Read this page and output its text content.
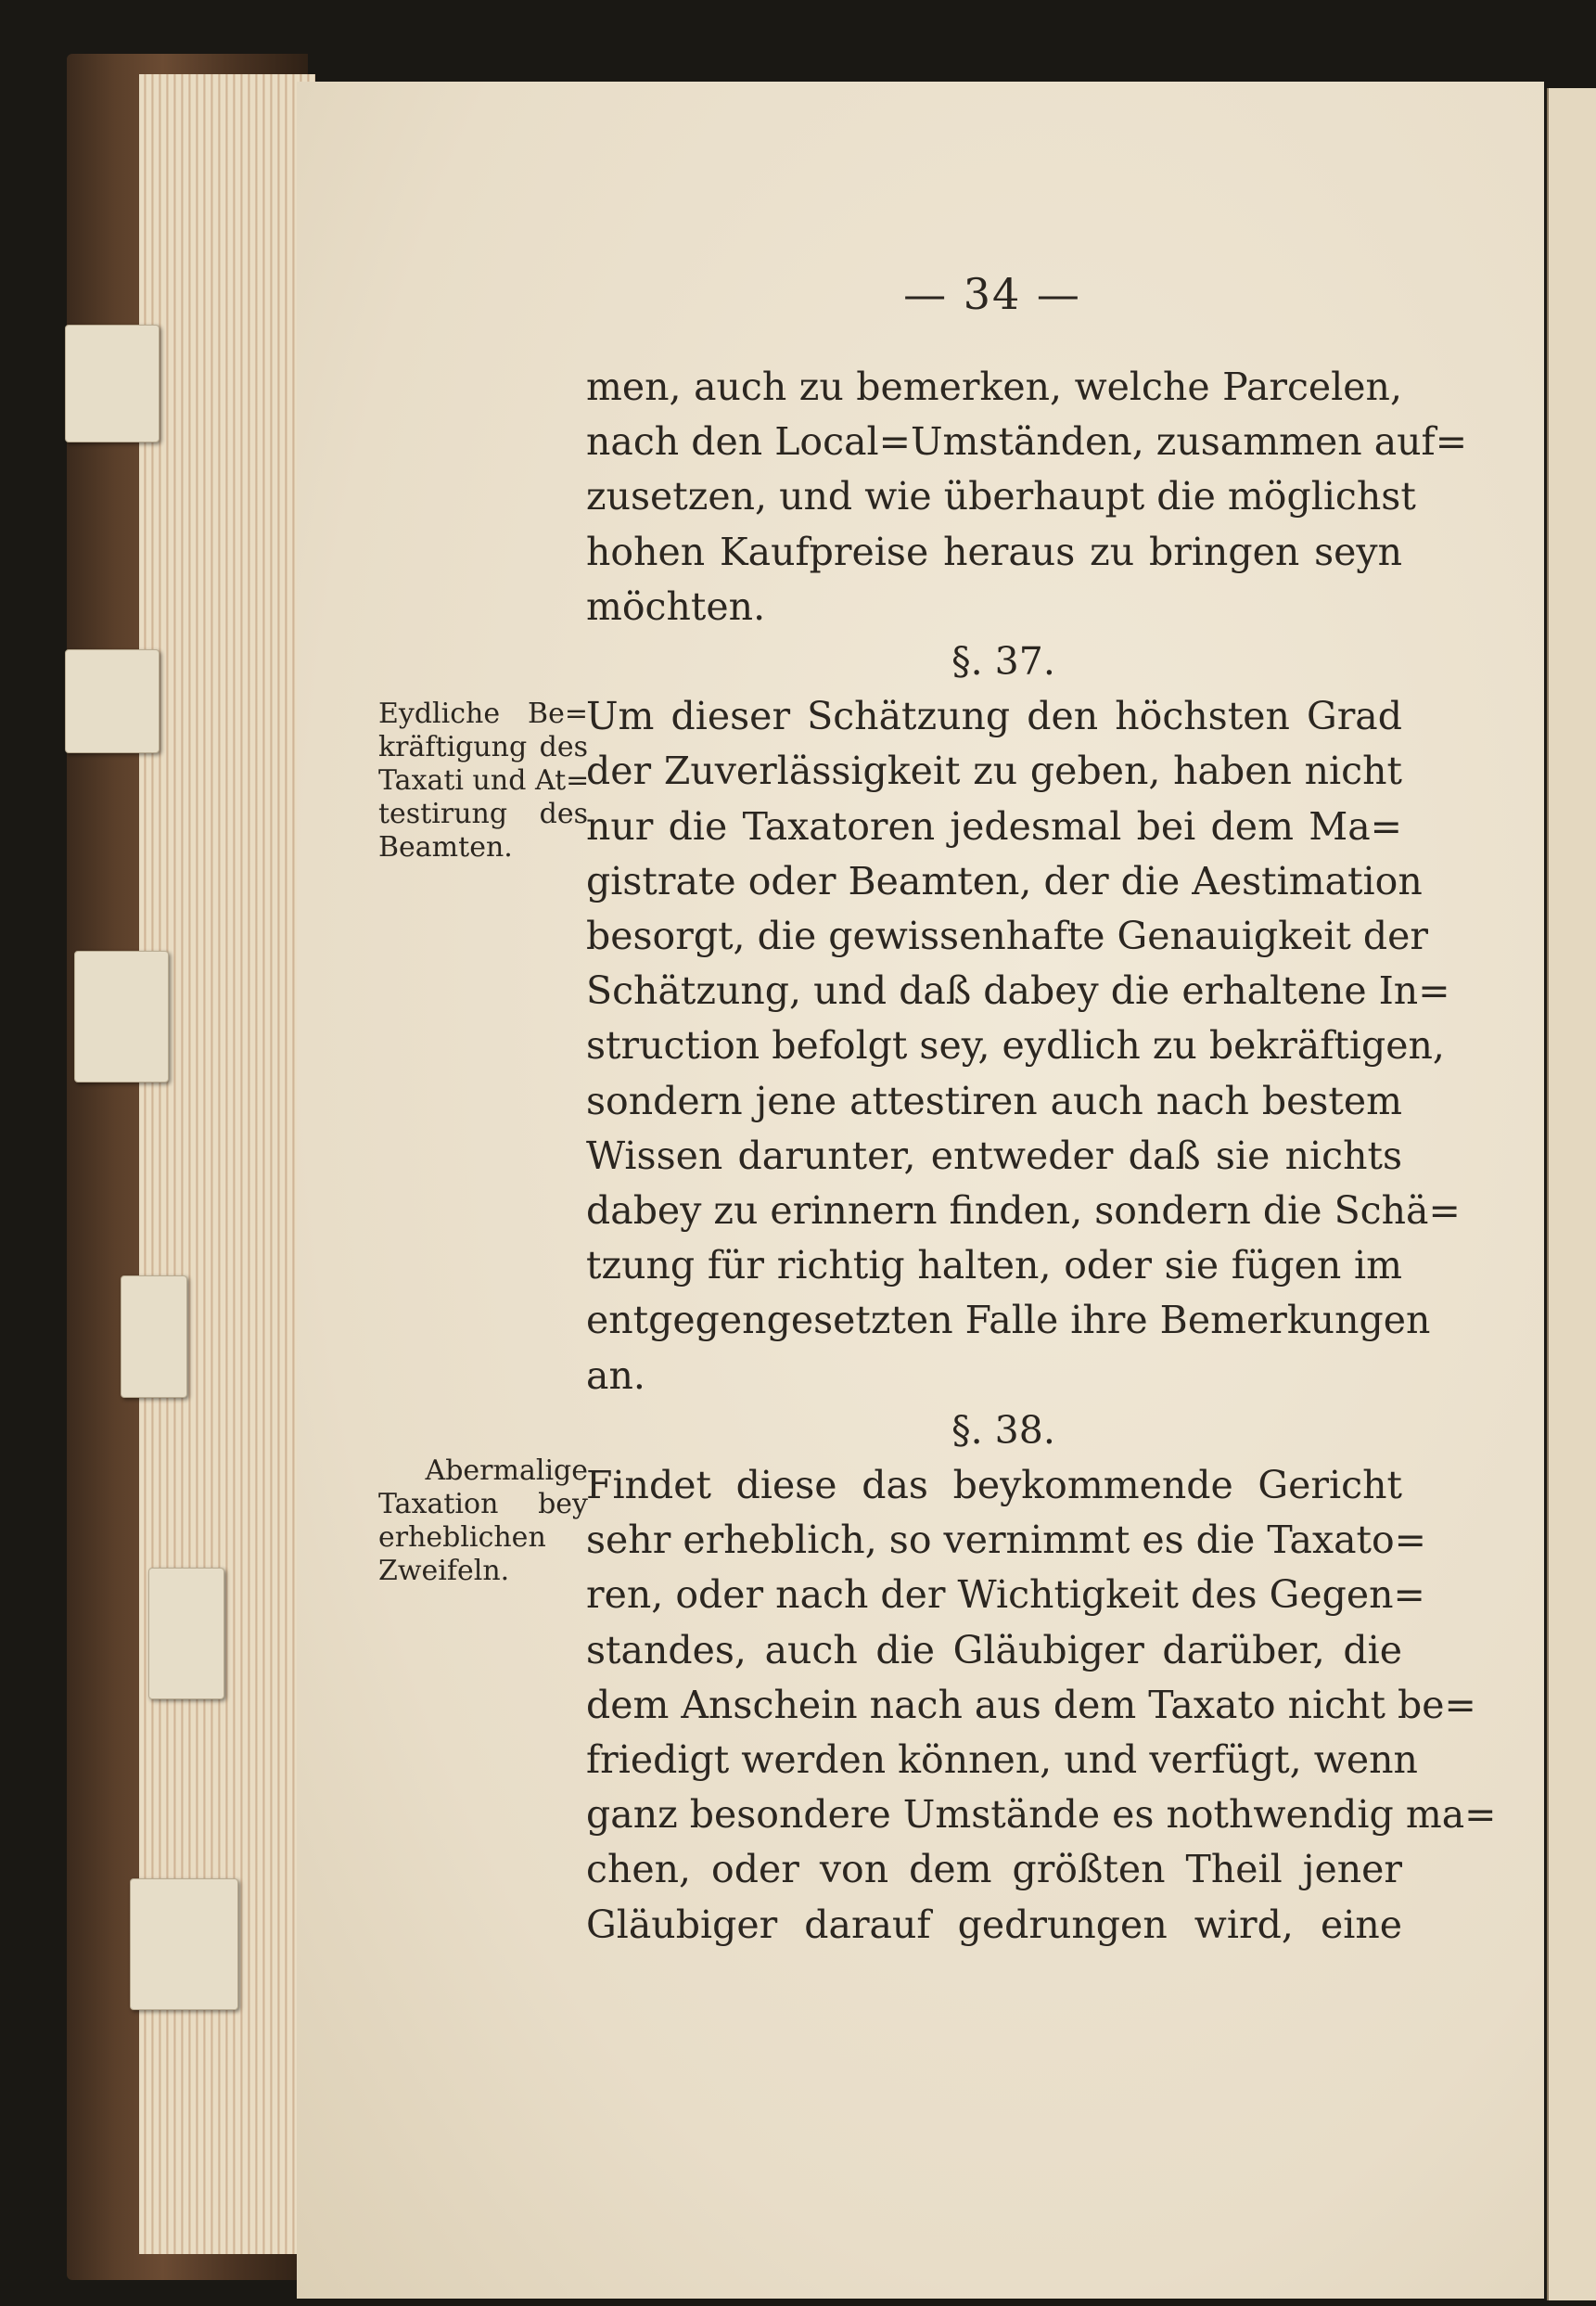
— 34 —
men, auch zu bemerken, welche Parcelen,
nach den Local=Umständen, zusammen auf=
zusetzen, und wie überhaupt die möglichst
hohen Kaufpreise heraus zu bringen seyn
möchten.
§. 37.
Um dieser Schätzung den höchsten Grad
der Zuverlässigkeit zu geben, haben nicht
nur die Taxatoren jedesmal bei dem Ma=
gistrate oder Beamten, der die Aestimation
besorgt, die gewissenhafte Genauigkeit der
Schätzung, und daß dabey die erhaltene In=
struction befolgt sey, eydlich zu bekräftigen,
sondern jene attestiren auch nach bestem
Wissen darunter, entweder daß sie nichts
dabey zu erinnern finden, sondern die Schä=
tzung für richtig halten, oder sie fügen im
entgegengesetzten Falle ihre Bemerkungen
an.
§. 38.
Findet diese das beykommende Gericht
sehr erheblich, so vernimmt es die Taxato=
ren, oder nach der Wichtigkeit des Gegen=
standes, auch die Gläubiger darüber, die
dem Anschein nach aus dem Taxato nicht be=
friedigt werden können, und verfügt, wenn
ganz besondere Umstände es nothwendig ma=
chen, oder von dem größten Theil jener
Gläubiger darauf gedrungen wird, eine
Eydliche Be=
kräftigung des
Taxati und At=
testirung des
Beamten.
Abermalige
Taxation bey
erheblichen
Zweifeln.
